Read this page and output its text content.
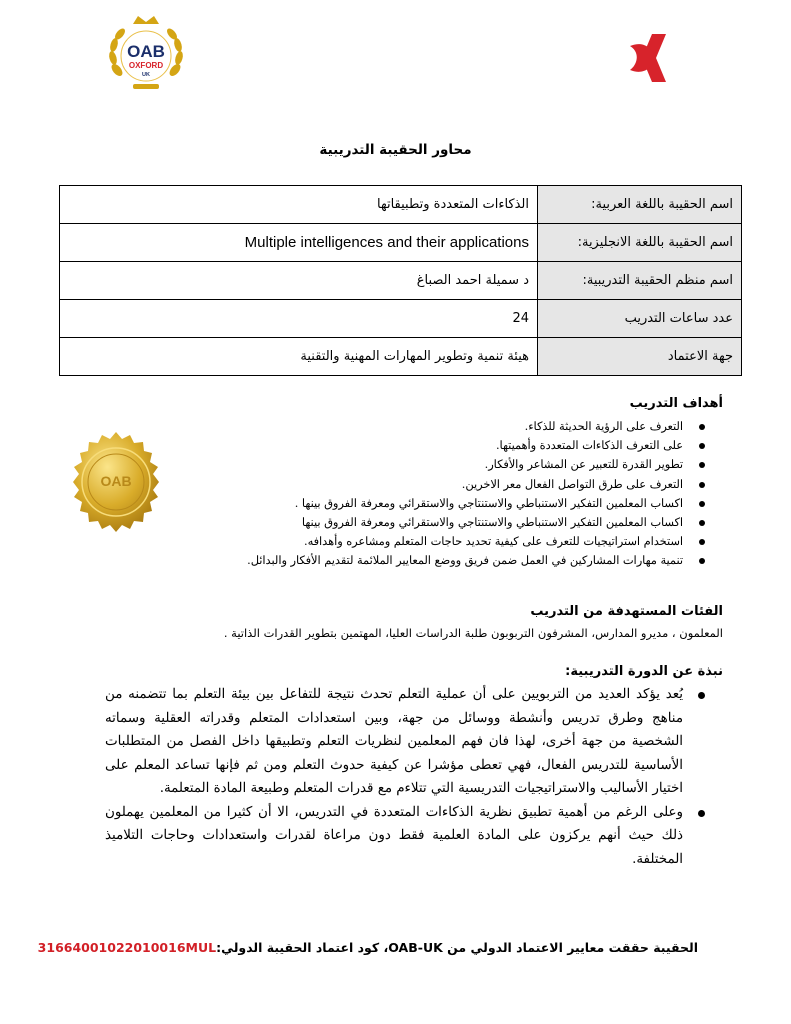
OAB
OXFORD
UK
OAB
محاور الحقيبة التدريبية
اسم الحقيبة باللغة العربية:	الذكاءات المتعددة وتطبيقاتها
اسم الحقيبة باللغة الانجليزية:	Multiple intelligences and their applications
اسم منظم الحقيبة التدريبية:	د سميلة احمد الصباغ
عدد ساعات التدريب	24
جهة الاعتماد	هيئة تنمية وتطوير المهارات المهنية والتقنية
أهداف التدريب
التعرف على الرؤية الحديثة للذكاء.
على التعرف الذكاءات المتعددة وأهميتها.
تطوير القدرة للتعبير عن المشاعر والأفكار.
التعرف على طرق التواصل الفعال معر الاخرين.
اكساب المعلمين التفكير الاستنباطي والاستنتاجي والاستقرائي ومعرفة الفروق بينها .
اكساب المعلمين التفكير الاستنباطي والاستنتاجي والاستقرائي ومعرفة الفروق بينها
استخدام استراتيجيات للتعرف على كيفية تحديد حاجات المتعلم ومشاعره وأهدافه.
تنمية مهارات المشاركين في العمل ضمن فريق ووضع المعايير الملائمة لتقديم الأفكار والبدائل.
الفئات المستهدفة من التدريب
المعلمون ، مديرو المدارس، المشرفون التربوبون طلبة الدراسات العليا، المهتمين بتطوير القدرات الذاتية .
نبذة عن الدورة التدريبية:
يُعد يؤكد العديد من التربويين على أن عملية التعلم تحدث نتيجة للتفاعل بين بيئة التعلم بما تتضمنه من مناهج وطرق تدريس وأنشطة ووسائل من جهة، وبين استعدادات المتعلم وقدراته العقلية وسماته الشخصية من جهة أخرى، لهذا فان فهم المعلمين لنظريات التعلم وتطبيقها داخل الفصل من المتطلبات الأساسية للتدريس الفعال، فهي تعطى مؤشرا عن كيفية حدوث التعلم ومن ثم فإنها تساعد المعلم على اختيار الأساليب والاستراتيجيات التدريسية التي تتلاءم مع قدرات المتعلم وطبيعة المادة المتعلمة.
وعلى الرغم من أهمية تطبيق نظرية الذكاءات المتعددة في التدريس، الا أن كثيرا من المعلمين يهملون ذلك حيث أنهم يركزون على المادة العلمية فقط دون مراعاة لقدرات واستعدادات وحاجات التلاميذ المختلفة.
الحقيبة حققت معايير الاعتماد الدولي من OAB-UK، كود اعتماد الحقيبة الدولي:3166400102201001​6MUL
